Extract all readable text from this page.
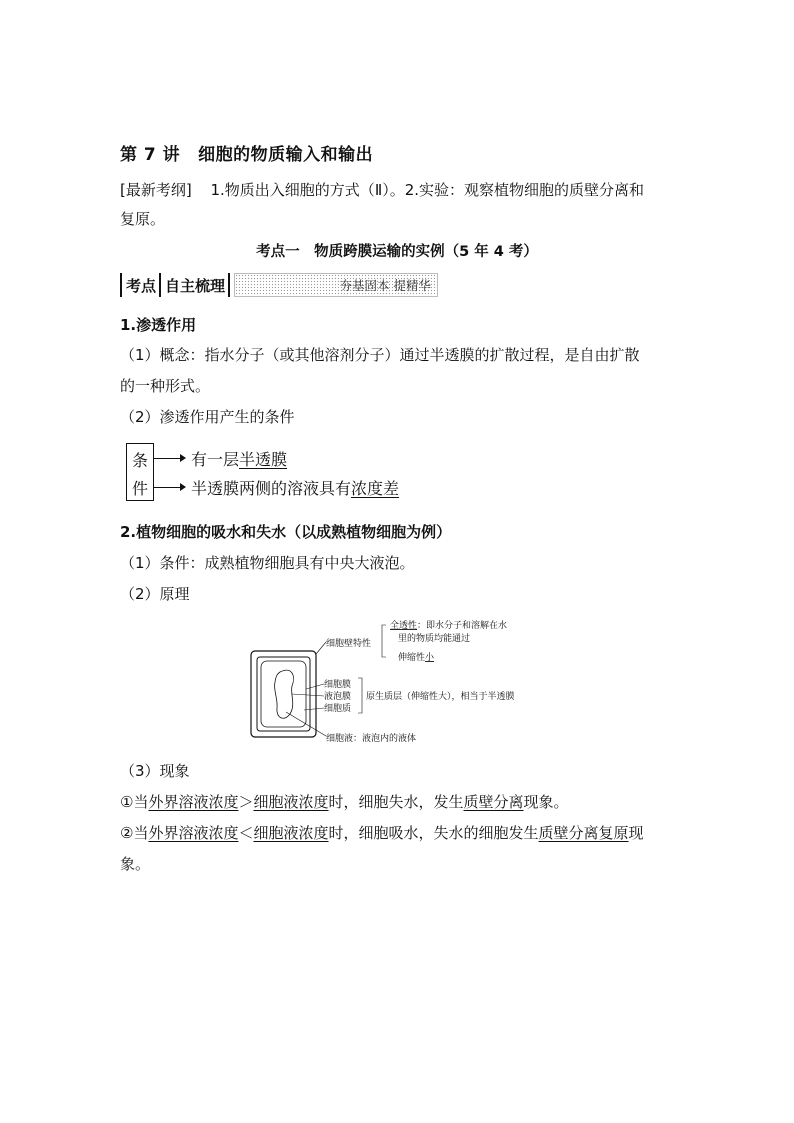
第 7 讲 细胞的物质输入和输出
[最新考纲] 1.物质出入细胞的方式（Ⅱ）。2.实验：观察植物细胞的质壁分离和
复原。
考点一　物质跨膜运输的实例（5 年 4 考）
考点 自主梳理	夯基固本 提精华
1.渗透作用
（1）概念：指水分子（或其他溶剂分子）通过半透膜的扩散过程，是自由扩散
的一种形式。
（2）渗透作用产生的条件
条
件
有一层 半透膜
半透膜两侧的溶液具有 浓度差
2.植物细胞的吸水和失水（以成熟植物细胞为例）
（1）条件：成熟植物细胞具有中央大液泡。
（2）原理
细胞壁特性
全透性：即水分子和溶解在水
里的物质均能通过
伸缩性小
细胞膜
液泡膜
细胞质
原生质层（伸缩性大），相当于半透膜
细胞液：液泡内的液体
（3）现象
①当外界溶液浓度＞细胞液浓度时，细胞失水，发生质壁分离现象。
②当外界溶液浓度＜细胞液浓度时，细胞吸水，失水的细胞发生质壁分离复原现
象。
